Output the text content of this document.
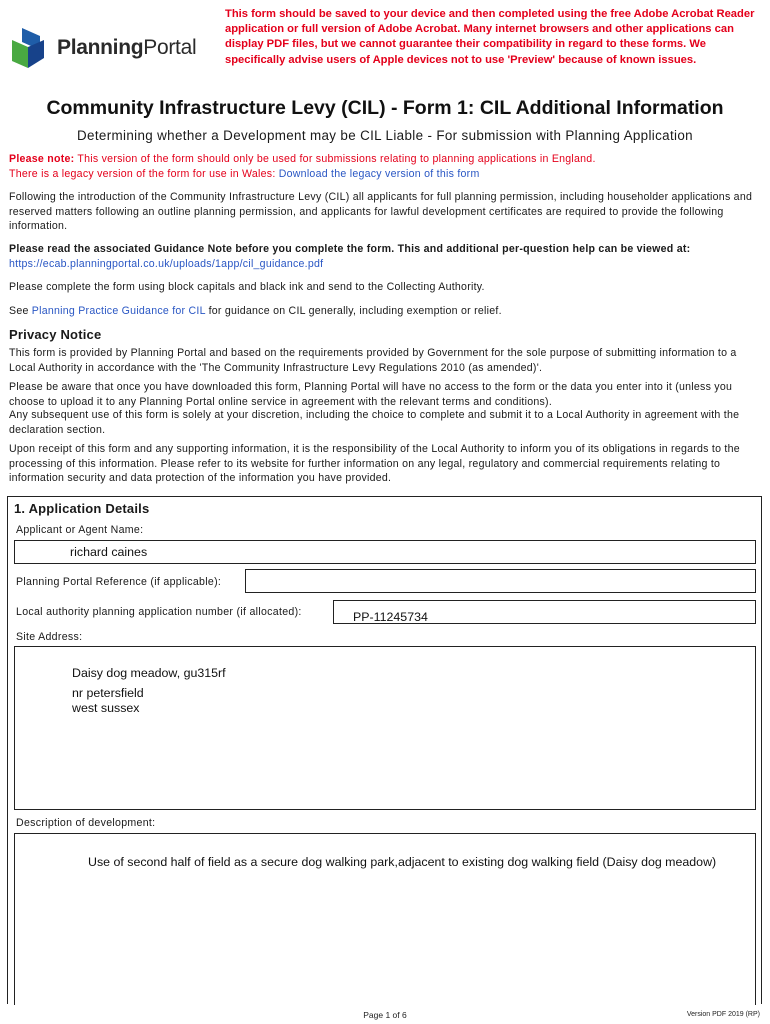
PlanningPortal
This form should be saved to your device and then completed using the free Adobe Acrobat Reader application or full version of Adobe Acrobat. Many internet browsers and other applications can display PDF files, but we cannot guarantee their compatibility in regard to these forms. We specifically advise users of Apple devices not to use 'Preview' because of known issues.
Community Infrastructure Levy (CIL) - Form 1: CIL Additional Information
Determining whether a Development may be CIL Liable - For submission with Planning Application
Please note: This version of the form should only be used for submissions relating to planning applications in England.
There is a legacy version of the form for use in Wales: Download the legacy version of this form
Following the introduction of the Community Infrastructure Levy (CIL) all applicants for full planning permission, including householder applications and reserved matters following an outline planning permission, and applicants for lawful development certificates are required to provide the following information.
Please read the associated Guidance Note before you complete the form. This and additional per-question help can be viewed at:
https://ecab.planningportal.co.uk/uploads/1app/cil_guidance.pdf
Please complete the form using block capitals and black ink and send to the Collecting Authority.
See Planning Practice Guidance for CIL for guidance on CIL generally, including exemption or relief.
Privacy Notice
This form is provided by Planning Portal and based on the requirements provided by Government for the sole purpose of submitting information to a Local Authority in accordance with the 'The Community Infrastructure Levy Regulations 2010 (as amended)'.
Please be aware that once you have downloaded this form, Planning Portal will have no access to the form or the data you enter into it (unless you choose to upload it to any Planning Portal online service in agreement with the relevant terms and conditions).
Any subsequent use of this form is solely at your discretion, including the choice to complete and submit it to a Local Authority in agreement with the declaration section.
Upon receipt of this form and any supporting information, it is the responsibility of the Local Authority to inform you of its obligations in regards to the processing of this information. Please refer to its website for further information on any legal, regulatory and commercial requirements relating to information security and data protection of the information you have provided.
1. Application Details
Applicant or Agent Name:
richard caines
Planning Portal Reference (if applicable):
Local authority planning application number (if allocated):	PP-11245734
Site Address:
Daisy dog meadow, gu315rf
nr petersfield
west sussex
Description of development:
Use of second half of field as a secure dog walking park,adjacent to existing dog walking field (Daisy dog meadow)
Page 1 of 6	Version PDF 2019 (RP)
